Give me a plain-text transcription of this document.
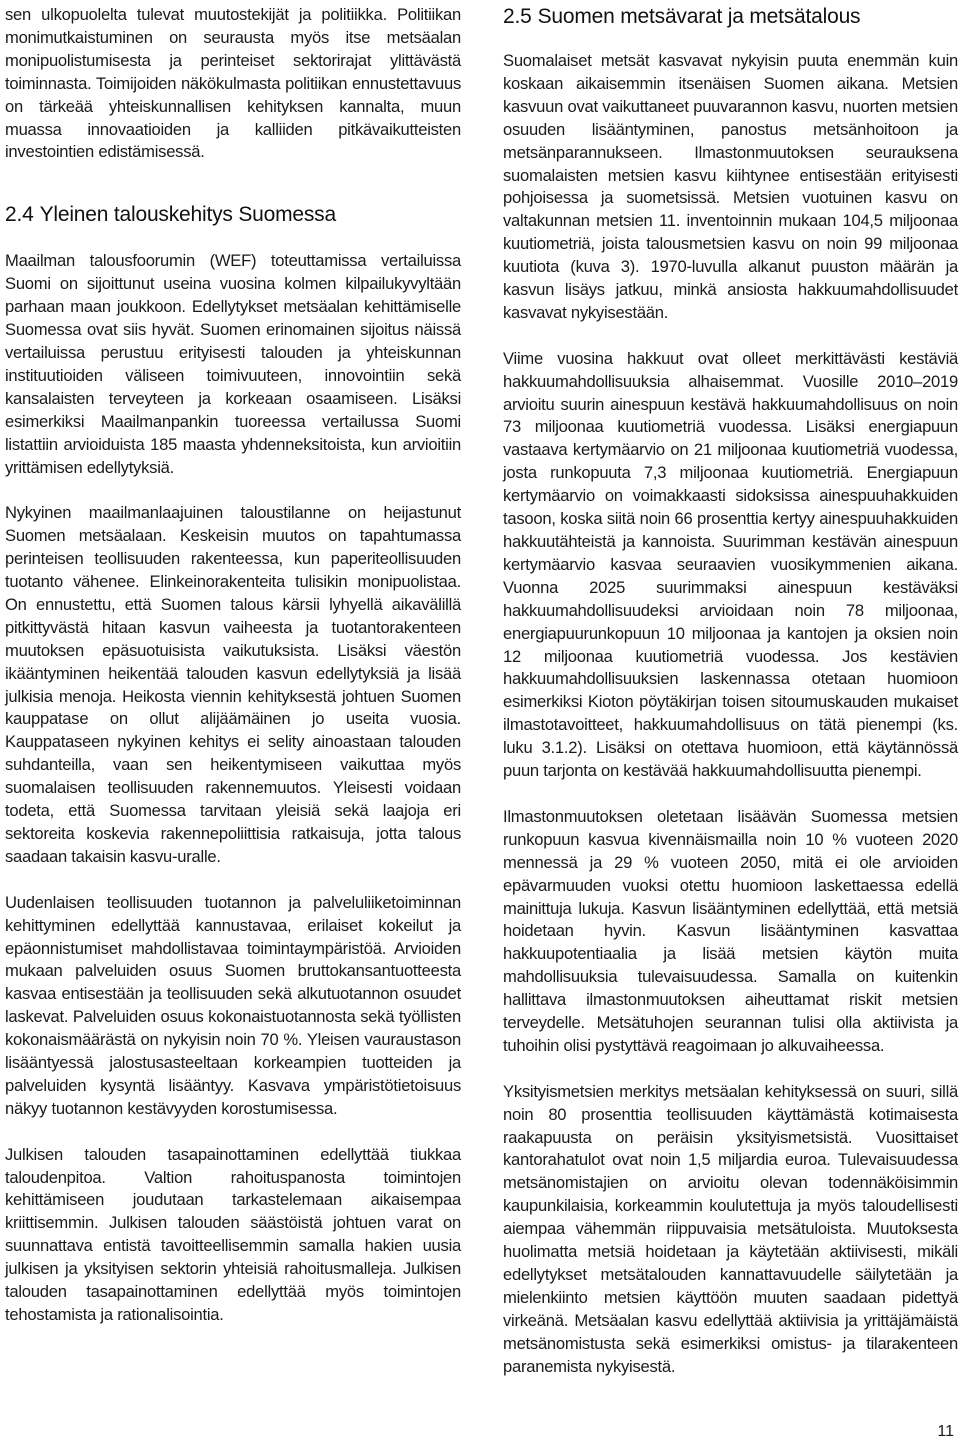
sen ulkopuolelta tulevat muutostekijät ja politiikka. Politiikan monimutkaistuminen on seurausta myös itse metsäalan monipuolistumisesta ja perinteiset sektorirajat ylittävästä toiminnasta. Toimijoiden näkökulmasta politiikan ennustettavuus on tärkeää yhteiskunnallisen kehityksen kannalta, muun muassa innovaatioiden ja kalliiden pitkävaikutteisten investointien edistämisessä.

2.4 Yleinen talouskehitys Suomessa

Maailman talousfoorumin (WEF) toteuttamissa vertailuissa Suomi on sijoittunut useina vuosina kolmen kilpailukyvyltään parhaan maan joukkoon. Edellytykset metsäalan kehittämiselle Suomessa ovat siis hyvät. Suomen erinomainen sijoitus näissä vertailuissa perustuu erityisesti talouden ja yhteiskunnan instituutioiden väliseen toimivuuteen, innovointiin sekä kansalaisten terveyteen ja korkeaan osaamiseen. Lisäksi esimerkiksi Maailmanpankin tuoreessa vertailussa Suomi listattiin arvioiduista 185 maasta yhdenneksitoista, kun arvioitiin yrittämisen edellytyksiä.

Nykyinen maailmanlaajuinen taloustilanne on heijastunut Suomen metsäalaan. Keskeisin muutos on tapahtumassa perinteisen teollisuuden rakenteessa, kun paperiteollisuuden tuotanto vähenee. Elinkeinorakenteita tulisikin monipuolistaa. On ennustettu, että Suomen talous kärsii lyhyellä aikavälillä pitkittyvästä hitaan kasvun vaiheesta ja tuotantorakenteen muutoksen epäsuotuisista vaikutuksista. Lisäksi väestön ikääntyminen heikentää talouden kasvun edellytyksiä ja lisää julkisia menoja. Heikosta viennin kehityksestä johtuen Suomen kauppatase on ollut alijäämäinen jo useita vuosia. Kauppataseen nykyinen kehitys ei selity ainoastaan talouden suhdanteilla, vaan sen heikentymiseen vaikuttaa myös suomalaisen teollisuuden rakennemuutos. Yleisesti voidaan todeta, että Suomessa tarvitaan yleisiä sekä laajoja eri sektoreita koskevia rakennepoliittisia ratkaisuja, jotta talous saadaan takaisin kasvu-uralle.

Uudenlaisen teollisuuden tuotannon ja palveluliiketoiminnan kehittyminen edellyttää kannustavaa, erilaiset kokeilut ja epäonnistumiset mahdollistavaa toimintaympäristöä. Arvioiden mukaan palveluiden osuus Suomen bruttokansantuotteesta kasvaa entisestään ja teollisuuden sekä alkutuotannon osuudet laskevat. Palveluiden osuus kokonaistuotannosta sekä työllisten kokonaismäärästä on nykyisin noin 70 %. Yleisen vauraustason lisääntyessä jalostusasteeltaan korkeampien tuotteiden ja palveluiden kysyntä lisääntyy. Kasvava ympäristötietoisuus näkyy tuotannon kestävyyden korostumisessa.

Julkisen talouden tasapainottaminen edellyttää tiukkaa taloudenpitoa. Valtion rahoituspanosta toimintojen kehittämiseen joudutaan tarkastelemaan aikaisempaa kriittisemmin. Julkisen talouden säästöistä johtuen varat on suunnattava entistä tavoitteellisemmin samalla hakien uusia julkisen ja yksityisen sektorin yhteisiä rahoitusmalleja. Julkisen talouden tasapainottaminen edellyttää myös toimintojen tehostamista ja rationalisointia.

2.5 Suomen metsävarat ja metsätalous

Suomalaiset metsät kasvavat nykyisin puuta enemmän kuin koskaan aikaisemmin itsenäisen Suomen aikana. Metsien kasvuun ovat vaikuttaneet puuvarannon kasvu, nuorten metsien osuuden lisääntyminen, panostus metsänhoitoon ja metsänparannukseen. Ilmastonmuutoksen seurauksena suomalaisten metsien kasvu kiihtynee entisestään erityisesti pohjoisessa ja suometsissä. Metsien vuotuinen kasvu on valtakunnan metsien 11. inventoinnin mukaan 104,5 miljoonaa kuutiometriä, joista talousmetsien kasvu on noin 99 miljoonaa kuutiota (kuva 3). 1970-luvulla alkanut puuston määrän ja kasvun lisäys jatkuu, minkä ansiosta hakkuumahdollisuudet kasvavat nykyisestään.

Viime vuosina hakkuut ovat olleet merkittävästi kestäviä hakkuumahdollisuuksia alhaisemmat. Vuosille 2010–2019 arvioitu suurin ainespuun kestävä hakkuumahdollisuus on noin 73 miljoonaa kuutiometriä vuodessa. Lisäksi energiapuun vastaava kertymäarvio on 21 miljoonaa kuutiometriä vuodessa, josta runkopuuta 7,3 miljoonaa kuutiometriä. Energiapuun kertymäarvio on voimakkaasti sidoksissa ainespuuhakkuiden tasoon, koska siitä noin 66 prosenttia kertyy ainespuuhakkuiden hakkuutähteistä ja kannoista. Suurimman kestävän ainespuun kertymäarvio kasvaa seuraavien vuosikymmenien aikana. Vuonna 2025 suurimmaksi ainespuun kestäväksi hakkuumahdollisuudeksi arvioidaan noin 78 miljoonaa, energiapuurunkopuun 10 miljoonaa ja kantojen ja oksien noin 12 miljoonaa kuutiometriä vuodessa. Jos kestävien hakkuumahdollisuuksien laskennassa otetaan huomioon esimerkiksi Kioton pöytäkirjan toisen sitoumuskauden mukaiset ilmastotavoitteet, hakkuumahdollisuus on tätä pienempi (ks. luku 3.1.2). Lisäksi on otettava huomioon, että käytännössä puun tarjonta on kestävää hakkuumahdollisuutta pienempi.

Ilmastonmuutoksen oletetaan lisäävän Suomessa metsien runkopuun kasvua kivennäismailla noin 10 % vuoteen 2020 mennessä ja 29 % vuoteen 2050, mitä ei ole arvioiden epävarmuuden vuoksi otettu huomioon laskettaessa edellä mainittuja lukuja. Kasvun lisääntyminen edellyttää, että metsiä hoidetaan hyvin. Kasvun lisääntyminen kasvattaa hakkuupotentiaalia ja lisää metsien käytön muita mahdollisuuksia tulevaisuudessa. Samalla on kuitenkin hallittava ilmastonmuutoksen aiheuttamat riskit metsien terveydelle. Metsätuhojen seurannan tulisi olla aktiivista ja tuhoihin olisi pystyttävä reagoimaan jo alkuvaiheessa.

Yksityismetsien merkitys metsäalan kehityksessä on suuri, sillä noin 80 prosenttia teollisuuden käyttämästä kotimaisesta raakapuusta on peräisin yksityismetsistä. Vuosittaiset kantorahatulot ovat noin 1,5 miljardia euroa. Tulevaisuudessa metsänomistajien on arvioitu olevan todennäköisimmin kaupunkilaisia, korkeammin koulutettuja ja myös taloudellisesti aiempaa vähemmän riippuvaisia metsätuloista. Muutoksesta huolimatta metsiä hoidetaan ja käytetään aktiivisesti, mikäli edellytykset metsätalouden kannattavuudelle säilytetään ja mielenkiinto metsien käyttöön muuten saadaan pidettyä virkeänä. Metsäalan kasvu edellyttää aktiivisia ja yrittäjämäistä metsänomistusta sekä esimerkiksi omistus- ja tilarakenteen paranemista nykyisestä.

11
